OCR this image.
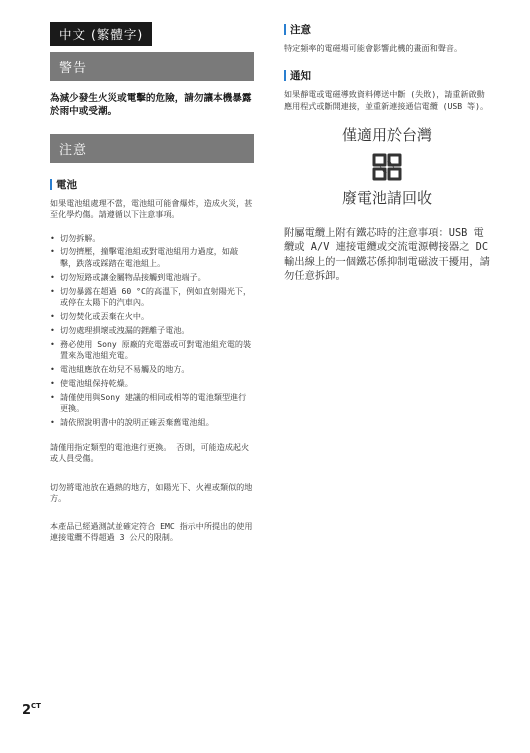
中文 (繁體字)
警告
為減少發生火災或電擊的危險，請勿讓本機暴露於雨中或受潮。
注意
電池

如果電池組處理不當，電池組可能會爆炸，造成火災，甚至化學灼傷。請遵循以下注意事項。

• 切勿拆解。
• 切勿擠壓，撞擊電池組或對電池組用力過度，如敲擊，跌落或踩踏在電池組上。
• 切勿短路或讓金屬物品接觸到電池端子。
• 切勿暴露在超過 60 °C的高溫下，例如直射陽光下，或停在太陽下的汽車內。
• 切勿焚化或丟棄在火中。
• 切勿處理損壞或洩漏的鋰離子電池。
• 務必使用 Sony 原廠的充電器或可對電池組充電的裝置來為電池組充電。
• 電池組應放在幼兒不易觸及的地方。
• 使電池組保持乾燥。
• 請僅使用與Sony 建議的相同或相等的電池類型進行更換。
• 請依照說明書中的說明正確丟棄舊電池組。

請僅用指定類型的電池進行更換。 否則，可能造成起火或人員受傷。

切勿將電池放在過熱的地方，如陽光下、火裡或類似的地方。

本產品已經過測試並確定符合 EMC 指示中所提出的使用連接電纜不得超過 3 公尺的限制。

注意

特定頻率的電磁場可能會影響此機的畫面和聲音。

通知

如果靜電或電磁導致資料傳送中斷 (失敗)，請重新啟動應用程式或斷開連接，並重新連接通信電纜 (USB 等)。

僅適用於台灣
廢電池請回收

附屬電纜上附有鐵芯時的注意事項：USB 電纜或 A/V 連接電纜或交流電源轉接器之 DC 輸出線上的一個鐵芯係抑制電磁波干擾用，請勿任意拆卸。

$2^{CT}$
